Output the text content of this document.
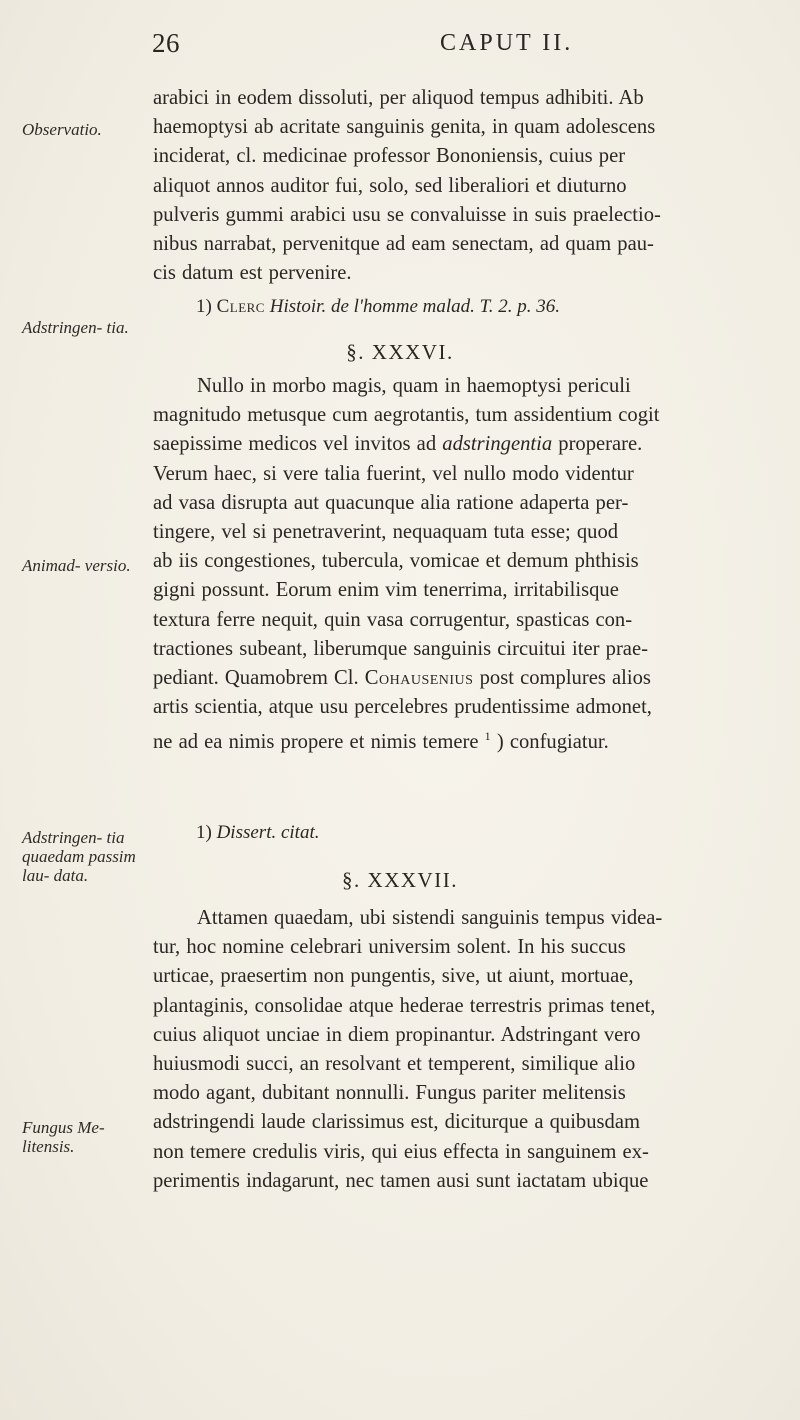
26	CAPUT II.
Observatio.
Adstringen- tia.
Animad- versio.
Adstringen- tia quaedam passim lau- data.
Fungus Me- litensis.

arabici in eodem dissoluti, per aliquod tempus adhibiti. Ab

haemoptysi ab acritate sanguinis genita, in quam adolescens

inciderat, cl. medicinae professor Bononiensis, cuius per

aliquot annos auditor fui, solo, sed liberaliori et diuturno

pulveris gummi arabici usu se convaluisse in suis praelectio-

nibus narrabat, pervenitque ad eam senectam, ad quam pau-

cis datum est pervenire.

1) Clerc Histoir. de l'homme malad. T. 2. p. 36.
§. XXXVI.

Nullo in morbo magis, quam in haemoptysi periculi

magnitudo metusque cum aegrotantis, tum assidentium cogit

saepissime medicos vel invitos ad adstringentia properare.

Verum haec, si vere talia fuerint, vel nullo modo videntur

ad vasa disrupta aut quacunque alia ratione adaperta per-

tingere, vel si penetraverint, nequaquam tuta esse; quod

ab iis congestiones, tubercula, vomicae et demum phthisis

gigni possunt. Eorum enim vim tenerrima, irritabilisque

textura ferre nequit, quin vasa corrugentur, spasticas con-

tractiones subeant, liberumque sanguinis circuitui iter prae-

pediant. Quamobrem Cl. Cohausenius post complures alios

artis scientia, atque usu percelebres prudentissime admonet,

ne ad ea nimis propere et nimis temere $^1$ ) confugiatur.

1) Dissert. citat.
§. XXXVII.

Attamen quaedam, ubi sistendi sanguinis tempus videa-

tur, hoc nomine celebrari universim solent. In his succus

urticae, praesertim non pungentis, sive, ut aiunt, mortuae,

plantaginis, consolidae atque hederae terrestris primas tenet,

cuius aliquot unciae in diem propinantur. Adstringant vero

huiusmodi succi, an resolvant et temperent, similique alio

modo agant, dubitant nonnulli. Fungus pariter melitensis

adstringendi laude clarissimus est, diciturque a quibusdam

non temere credulis viris, qui eius effecta in sanguinem ex-

perimentis indagarunt, nec tamen ausi sunt iactatam ubique
